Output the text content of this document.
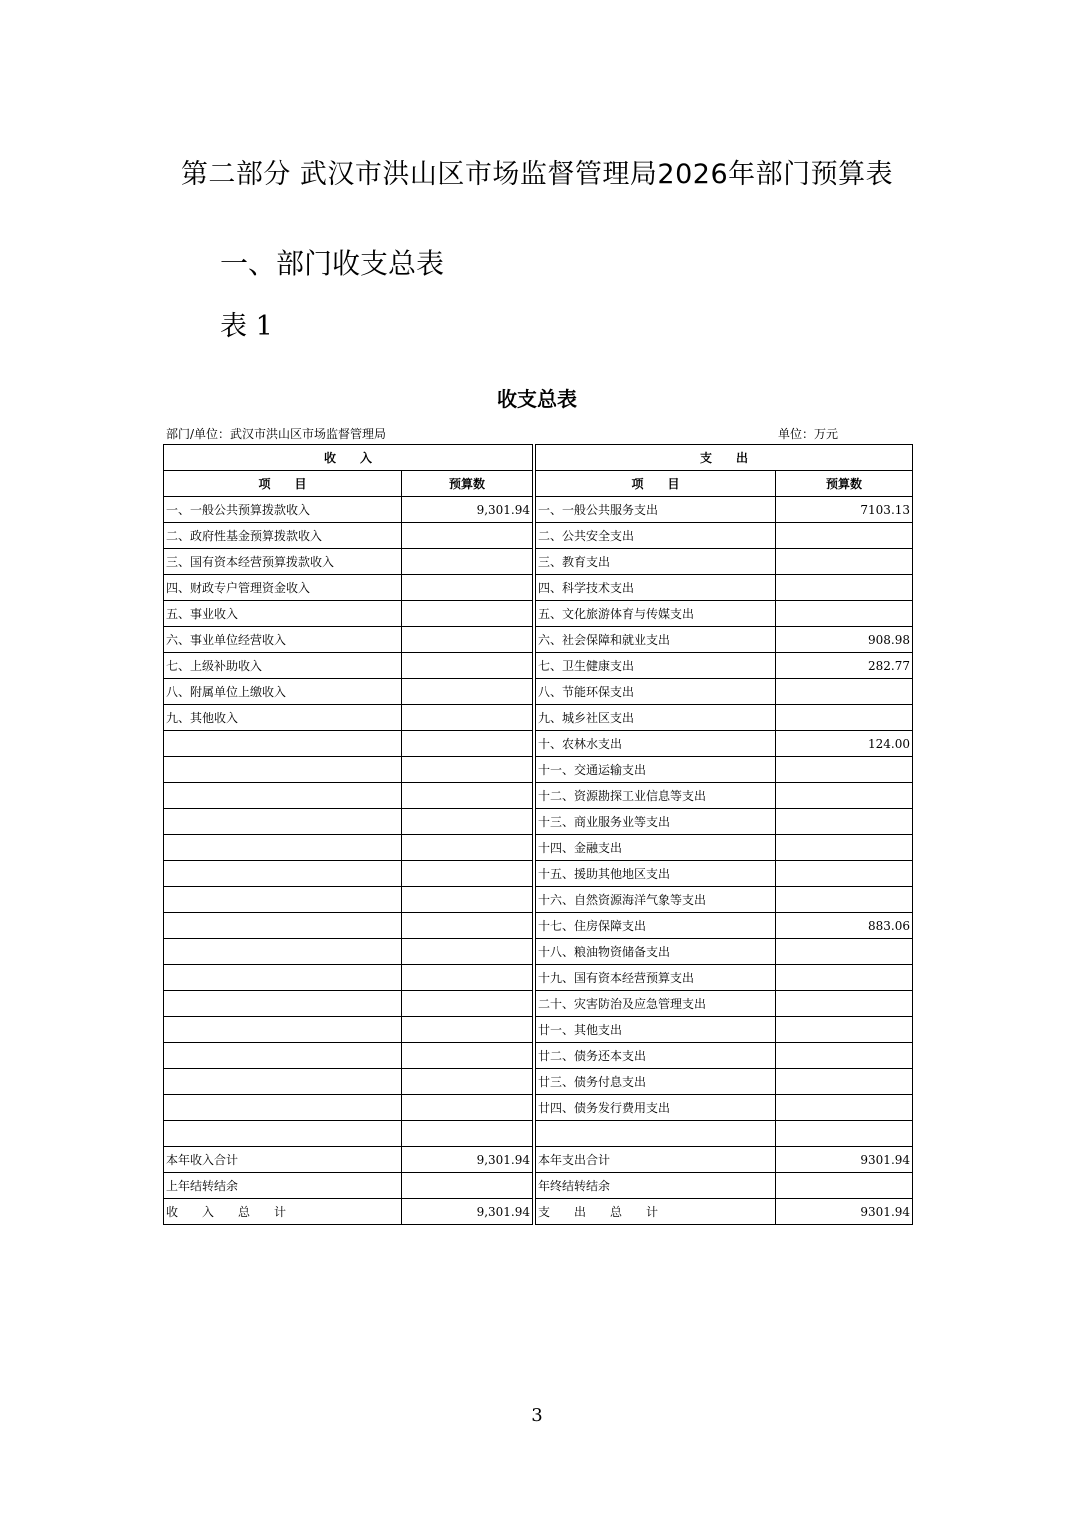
第二部分 武汉市洪山区市场监督管理局2026年部门预算表
一、部门收支总表
表 1
收支总表
部门/单位：武汉市洪山区市场监督管理局	单位：万元
收　　入			支　　出	
项　　目	预算数		项　　目	预算数
一、一般公共预算拨款收入	9,301.94		一、一般公共服务支出	7103.13
二、政府性基金预算拨款收入			二、公共安全支出	
三、国有资本经营预算拨款收入			三、教育支出	
四、财政专户管理资金收入			四、科学技术支出	
五、事业收入			五、文化旅游体育与传媒支出	
六、事业单位经营收入			六、社会保障和就业支出	908.98
七、上级补助收入			七、卫生健康支出	282.77
八、附属单位上缴收入			八、节能环保支出	
九、其他收入			九、城乡社区支出	
			十、农林水支出	124.00
			十一、交通运输支出	
			十二、资源勘探工业信息等支出	
			十三、商业服务业等支出	
			十四、金融支出	
			十五、援助其他地区支出	
			十六、自然资源海洋气象等支出	
			十七、住房保障支出	883.06
			十八、粮油物资储备支出	
			十九、国有资本经营预算支出	
			二十、灾害防治及应急管理支出	
			廿一、其他支出	
			廿二、债务还本支出	
			廿三、债务付息支出	
			廿四、债务发行费用支出	

本年收入合计	9,301.94		本年支出合计	9301.94
上年结转结余			年终结转结余	
收　　入　　总　　计	9,301.94		支　　出　　总　　计	9301.94
3
